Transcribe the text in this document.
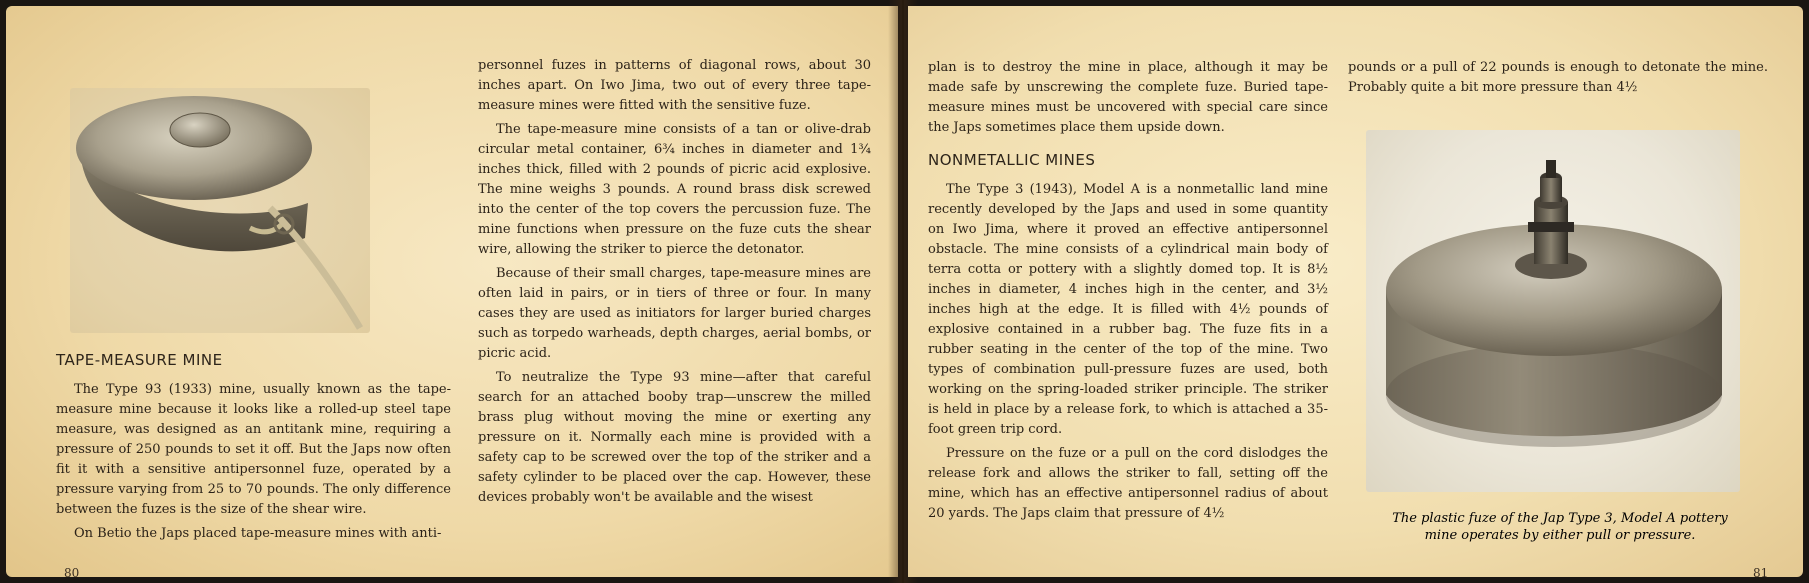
TAPE-MEASURE MINE

The Type 93 (1933) mine, usually known as the tape-measure mine because it looks like a rolled-up steel tape measure, was designed as an antitank mine, requiring a pressure of 250 pounds to set it off. But the Japs now often fit it with a sensitive antipersonnel fuze, operated by a pressure varying from 25 to 70 pounds. The only difference between the fuzes is the size of the shear wire.

On Betio the Japs placed tape-measure mines with anti-

personnel fuzes in patterns of diagonal rows, about 30 inches apart. On Iwo Jima, two out of every three tape-measure mines were fitted with the sensitive fuze.

The tape-measure mine consists of a tan or olive-drab circular metal container, 6¾ inches in diameter and 1¾ inches thick, filled with 2 pounds of picric acid explosive. The mine weighs 3 pounds. A round brass disk screwed into the center of the top covers the percussion fuze. The mine functions when pressure on the fuze cuts the shear wire, allowing the striker to pierce the detonator.

Because of their small charges, tape-measure mines are often laid in pairs, or in tiers of three or four. In many cases they are used as initiators for larger buried charges such as torpedo warheads, depth charges, aerial bombs, or picric acid.

To neutralize the Type 93 mine—after that careful search for an attached booby trap—unscrew the milled brass plug without moving the mine or exerting any pressure on it. Normally each mine is provided with a safety cap to be screwed over the top of the striker and a safety cylinder to be placed over the cap. However, these devices probably won't be available and the wisest

80

plan is to destroy the mine in place, although it may be made safe by unscrewing the complete fuze. Buried tape-measure mines must be uncovered with special care since the Japs sometimes place them upside down.

NONMETALLIC MINES

The Type 3 (1943), Model A is a nonmetallic land mine recently developed by the Japs and used in some quantity on Iwo Jima, where it proved an effective antipersonnel obstacle. The mine consists of a cylindrical main body of terra cotta or pottery with a slightly domed top. It is 8½ inches in diameter, 4 inches high in the center, and 3½ inches high at the edge. It is filled with 4½ pounds of explosive contained in a rubber bag. The fuze fits in a rubber seating in the center of the top of the mine. Two types of combination pull-pressure fuzes are used, both working on the spring-loaded striker principle. The striker is held in place by a release fork, to which is attached a 35-foot green trip cord.

Pressure on the fuze or a pull on the cord dislodges the release fork and allows the striker to fall, setting off the mine, which has an effective antipersonnel radius of about 20 yards. The Japs claim that pressure of 4½

pounds or a pull of 22 pounds is enough to detonate the mine. Probably quite a bit more pressure than 4½

81
The plastic fuze of the Jap Type 3, Model A pottery
mine operates by either pull or pressure.
